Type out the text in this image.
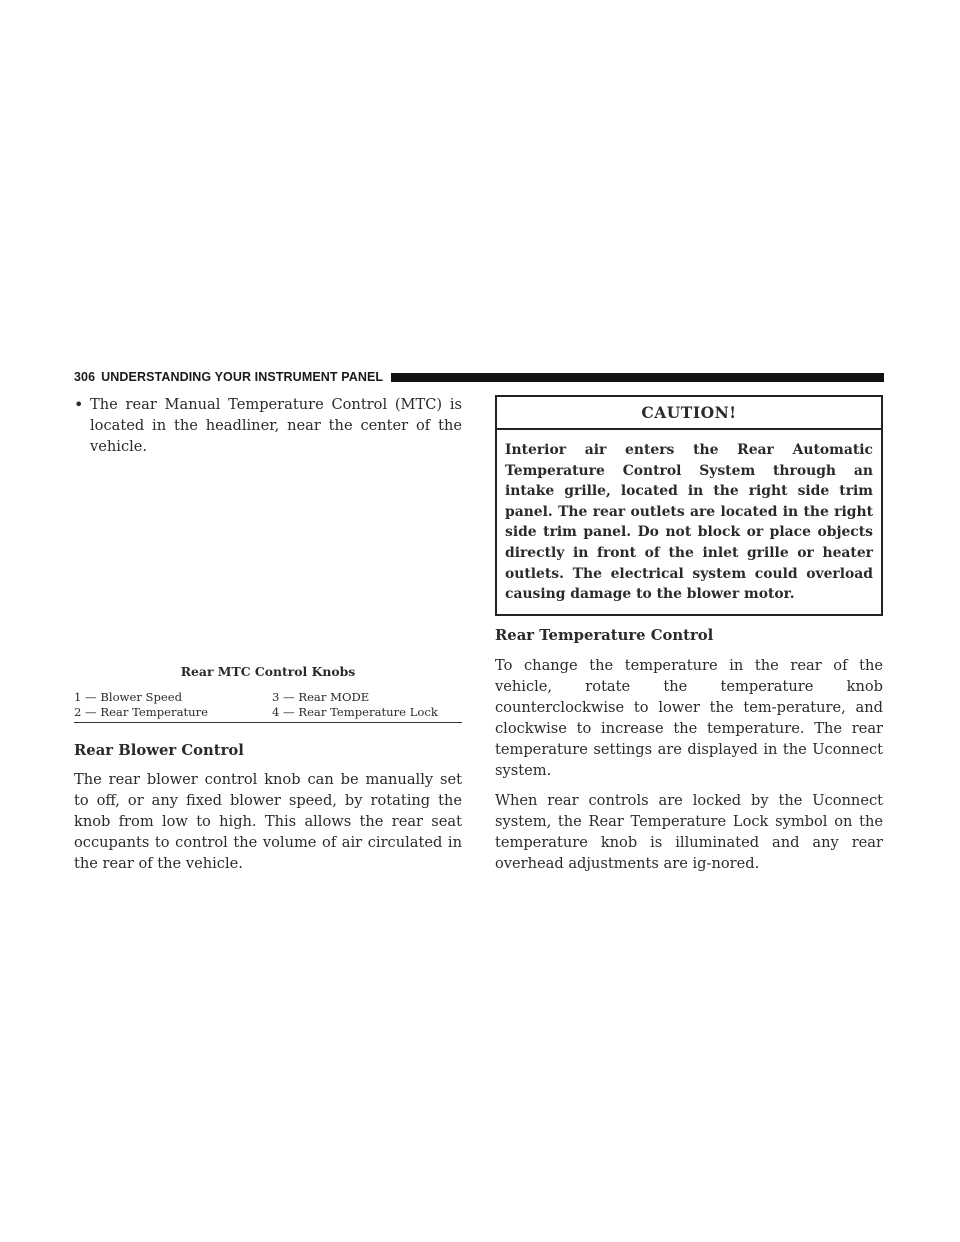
306 UNDERSTANDING YOUR INSTRUMENT PANEL
• The rear Manual Temperature Control (MTC) is located in the headliner, near the center of the vehicle.
Rear MTC Control Knobs
1 — Blower Speed	3 — Rear MODE
2 — Rear Temperature	4 — Rear Temperature Lock
Rear Blower Control

The rear blower control knob can be manually set to off, or any fixed blower speed, by rotating the knob from low to high. This allows the rear seat occupants to control the volume of air circulated in the rear of the vehicle.

CAUTION!
Interior air enters the Rear Automatic Temperature Control System through an intake grille, located in the right side trim panel. The rear outlets are located in the right side trim panel. Do not block or place objects directly in front of the inlet grille or heater outlets. The electrical system could overload causing damage to the blower motor.
Rear Temperature Control

To change the temperature in the rear of the vehicle, rotate the temperature knob counterclockwise to lower the tem-perature, and clockwise to increase the temperature. The rear temperature settings are displayed in the Uconnect system.

When rear controls are locked by the Uconnect system, the Rear Temperature Lock symbol on the temperature knob is illuminated and any rear overhead adjustments are ig-nored.
